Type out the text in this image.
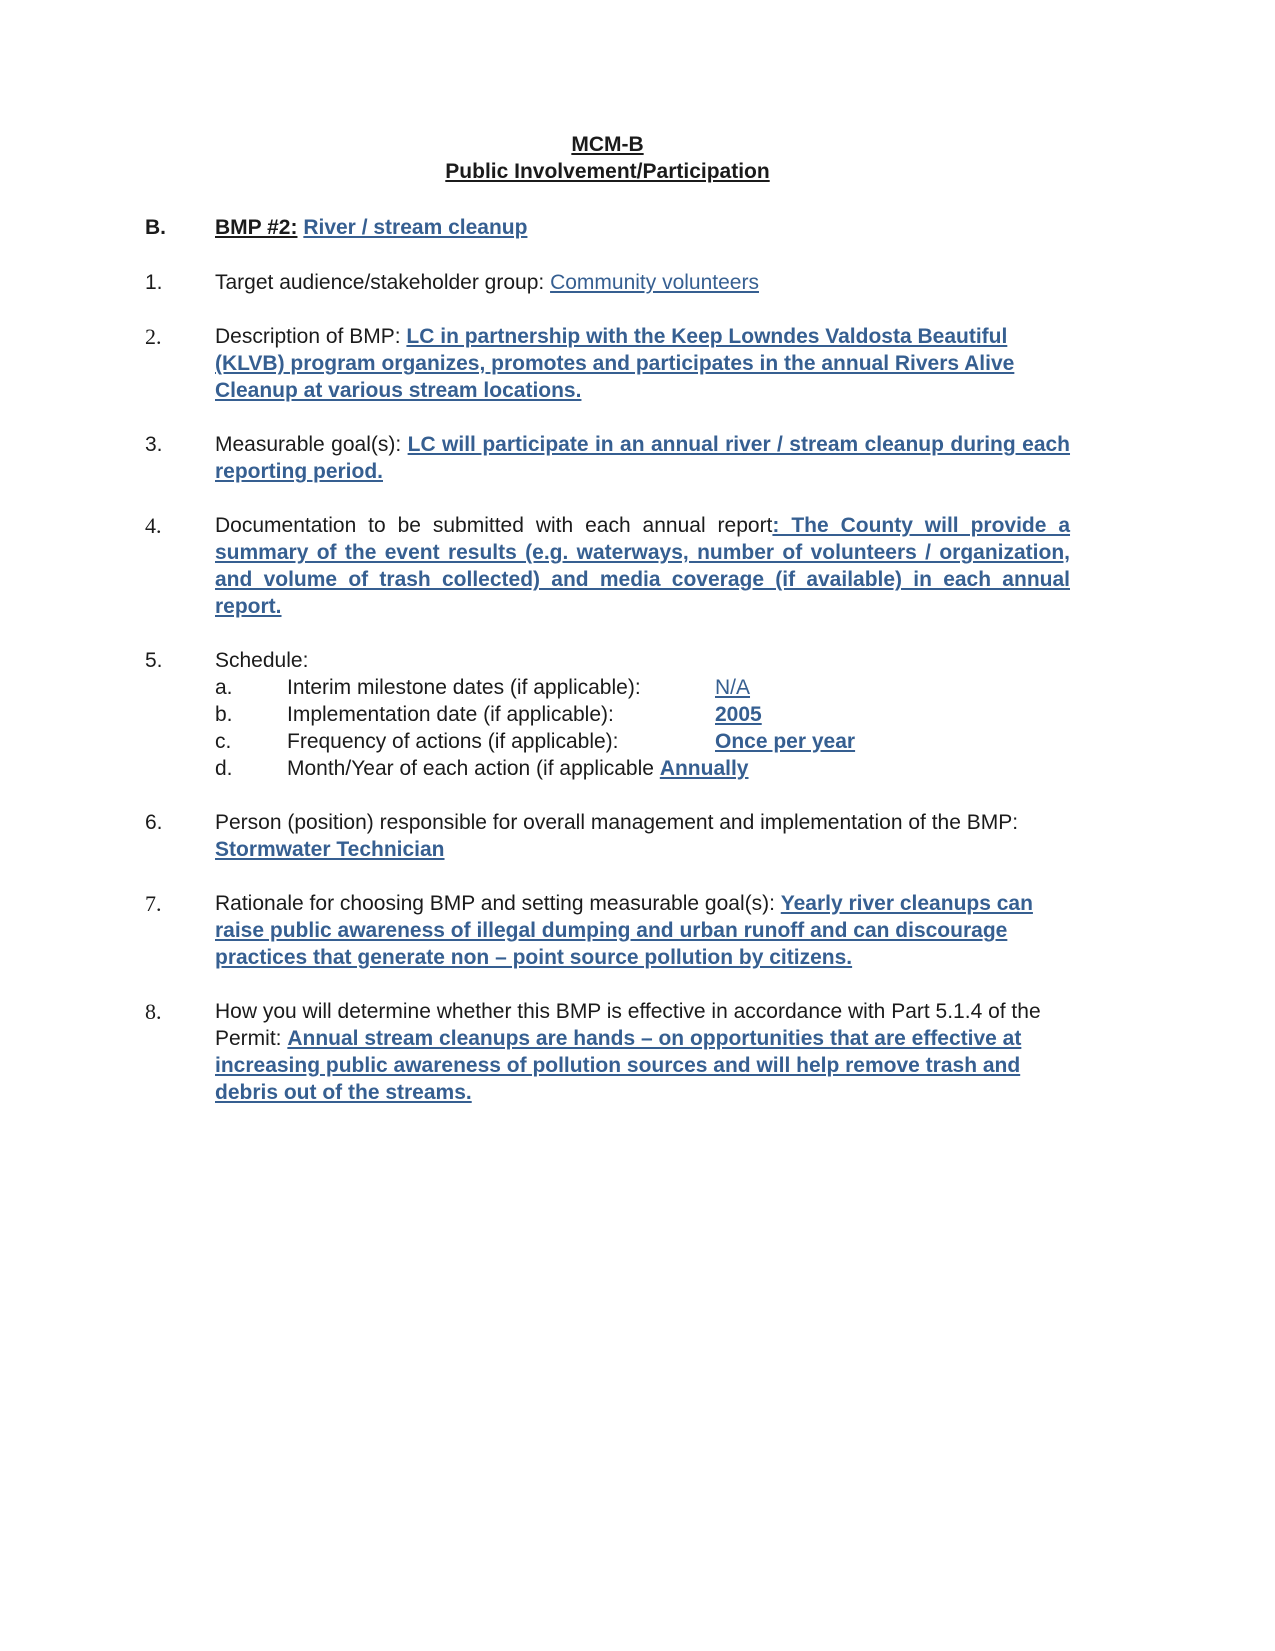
MCM-B
Public Involvement/Participation
B.	BMP #2: River / stream cleanup
1.	Target audience/stakeholder group: Community volunteers
2.	Description of BMP: LC in partnership with the Keep Lowndes Valdosta Beautiful (KLVB) program organizes, promotes and participates in the annual Rivers Alive Cleanup at various stream locations.
3.	Measurable goal(s): LC will participate in an annual river / stream cleanup during each reporting period.
4.	Documentation to be submitted with each annual report: The County will provide a summary of the event results (e.g. waterways, number of volunteers / organization, and volume of trash collected) and media coverage (if available) in each annual report.
5.	Schedule:
a.	Interim milestone dates (if applicable):	N/A
b.	Implementation date (if applicable):	2005
c.	Frequency of actions (if applicable):	Once per year
d.	Month/Year of each action (if applicable Annually
6.	Person (position) responsible for overall management and implementation of the BMP: Stormwater Technician
7.	Rationale for choosing BMP and setting measurable goal(s): Yearly river cleanups can raise public awareness of illegal dumping and urban runoff and can discourage practices that generate non – point source pollution by citizens.
8.	How you will determine whether this BMP is effective in accordance with Part 5.1.4 of the Permit: Annual stream cleanups are hands – on opportunities that are effective at increasing public awareness of pollution sources and will help remove trash and debris out of the streams.
